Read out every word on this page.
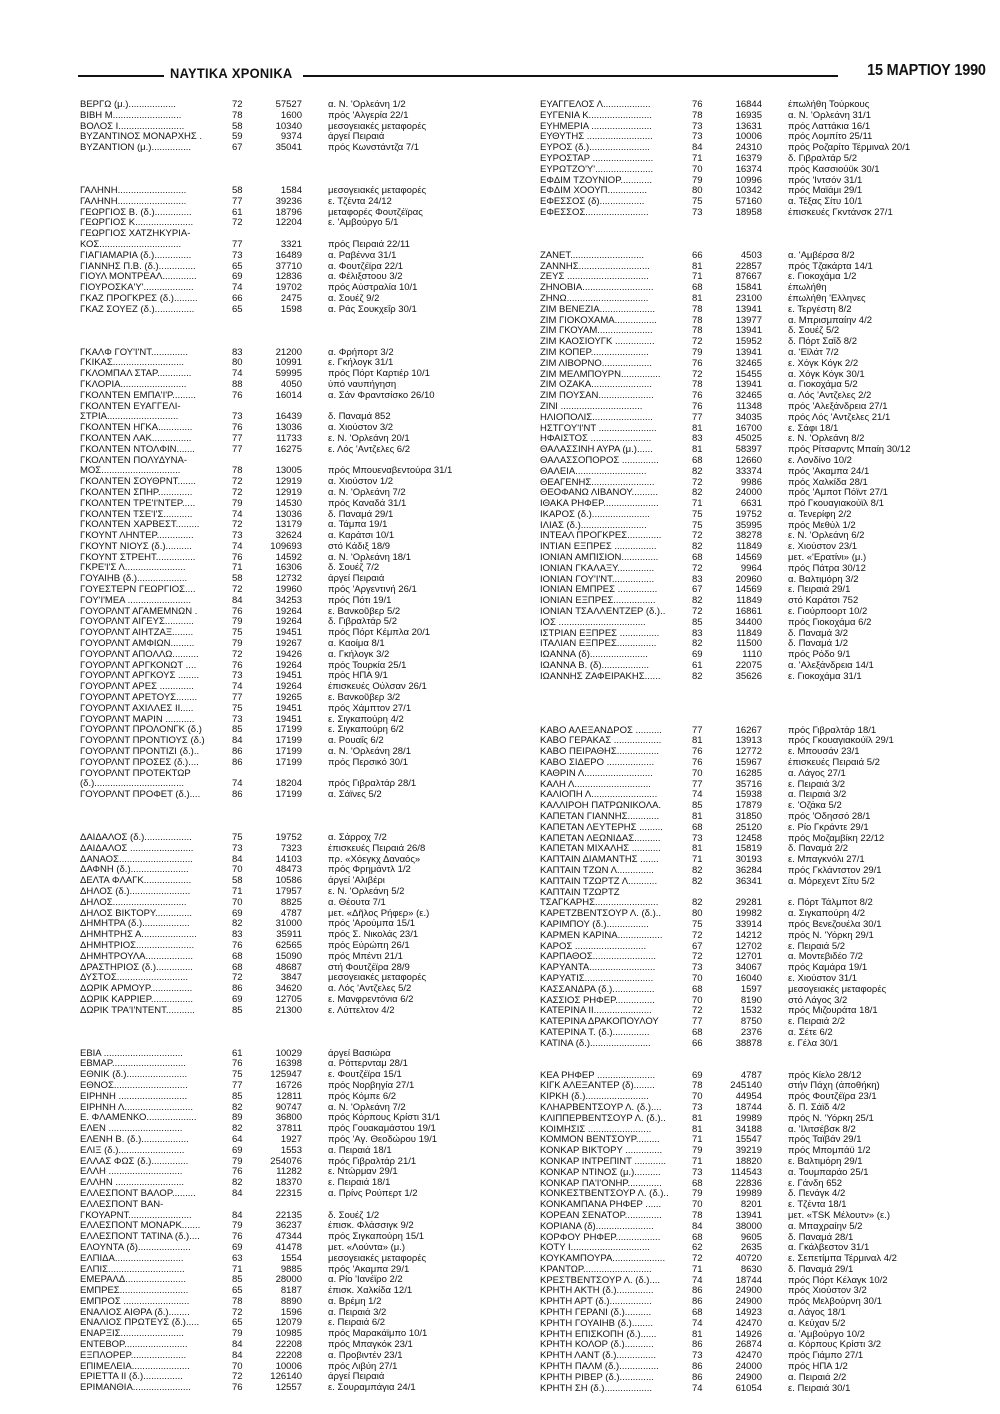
ΝΑΥΤΙΚΑ ΧΡΟΝΙΚΑ	15 ΜΑΡΤΙΟΥ 1990
ΒΕΡΓΩ (μ.)..................	72	57527	α. Ν. 'Ορλεάνη 1/2
ΒΙΒΗ Μ..........................	78	1600	πρός 'Αλγερία 22/1
ΒΟΛΟΣ Ι.........................	58	10340	μεσογειακές μεταφορές
ΒΥΖΑΝΤΙΝΟΣ ΜΟΝΑΡΧΗΣ .	59	9374	άργεί Πειραιά
ΒΥΖΑΝΤΙΟΝ (μ.)...............	67	35041	πρός Κωνστάντζα 7/1
ΓΑΛΗΝΗ..........................	58	1584	μεσογειακές μεταφορές
ΓΑΛΗΝΗ..........................	77	39236	ε. Τζέντα 24/12
ΓΕΩΡΓΙΟΣ Β. (δ.)..............	61	18796	μεταφορές Φουτζέϊρας
ΓΕΩΡΓΙΟΣ Κ......................	72	12204	ε. 'Αμβούργο 5/1
ΓΕΩΡΓΙΟΣ ΧΑΤΖΗΚΥΡΙΑ-
ΚΟΣ...............................	77	3321	πρός Πειραιά 22/11
ΓΙΑΓΙΑΜΑΡΙΑ (δ.)..............	73	16489	α. Ραβέννα 31/1
ΓΙΑΝΝΗΣ Π.Β. (δ.)..............	65	37710	α. Φουτζέϊρα 22/1
ΓΙΟΥΛ ΜΟΝΤΡΕΑΛ.............	69	12836	α. Φέλιξστοου 3/2
ΓΙΟΥΡΟΣΚΑ'Υ'...................	74	19702	πρός Αύστραλία 10/1
ΓΚΑΖ ΠΡΟΓΚΡΕΣ (δ.).........	66	2475	α. Σουέζ 9/2
ΓΚΑΖ ΣΟΥΕΖ (δ.)...............	65	1598	α. Ράς Σουκχεΐρ 30/1
ΓΚΑΛΦ ΓΟΥ'Ι'ΝΤ..............	83	21200	α. Φρήπορτ 3/2
ΓΚΙΚΑΣ...........................	80	10991	ε. Γκήλογκ 31/1
ΓΚΛΟΜΠΑΛ ΣΤΑΡ.............	74	59995	πρός Πόρτ Καρτιέρ 10/1
ΓΚΛΟΡΙΑ.........................	88	4050	ύπό ναυπήγηση
ΓΚΟΛΝΤΕΝ ΕΜΠΑ'Ι'Ρ.........	76	16014	α. Σάν Φραντσίσκο 26/10
ΓΚΟΛΝΤΕΝ ΕΥΑΓΓΕΛΙ-
ΣΤΡΙΑ...........................	73	16439	δ. Παναμά 852
ΓΚΟΛΝΤΕΝ ΗΓΚΑ.............	76	13036	α. Χιούστον 3/2
ΓΚΟΛΝΤΕΝ ΛΑΚ...............	77	11733	ε. Ν. 'Ορλεάνη 20/1
ΓΚΟΛΝΤΕΝ ΝΤΟΛΦΙΝ.......	77	16275	ε. Λός 'Αντζελες 6/2
ΓΚΟΛΝΤΕΝ ΠΟΛΥΔΥΝΑ-
ΜΟΣ..............................	78	13005	πρός Μπουεναβεντούρα 31/1
ΓΚΟΛΝΤΕΝ ΣΟΥΘΡΝΤ.......	72	12919	α. Χιούστον 1/2
ΓΚΟΛΝΤΕΝ ΣΠΗΡ.............	72	12919	α. Ν. 'Ορλεάνη 7/2
ΓΚΟΛΝΤΕΝ ΤΡΕ'Ι'ΝΤΕΡ.....	79	14530	πρός Καναδά 31/1
ΓΚΟΛΝΤΕΝ ΤΣΕ'Ι'Σ...........	74	13036	δ. Παναμά 29/1
ΓΚΟΛΝΤΕΝ ΧΑΡΒΕΣΤ.........	72	13179	α. Τάμπα 19/1
ΓΚΟΥΝΤ ΛΗΝΤΕΡ..............	73	32624	α. Καράτσι 10/1
ΓΚΟΥΝΤ ΝΙΟΥΣ (δ.)..........	74	109693	στό Κάδιξ 18/9
ΓΚΟΥΝΤ ΣΤΡΕΗΤ...............	76	14592	α. Ν. 'Ορλεάνη 18/1
ΓΚΡΕ'Ι'Σ Λ.......................	71	16306	δ. Σουέζ 7/2
ΓΟΥΑΙΗΒ (δ.)...................	58	12732	άργεί Πειραιά
ΓΟΥΕΣΤΕΡΝ ΓΕΩΡΓΙΟΣ....	72	19960	πρός 'Αργεντινή 26/1
ΓΟΥ'Ι'ΜΕΑ ........................	84	34253	πρός Πότι 19/1
ΓΟΥΟΡΛΝΤ ΑΓΑΜΕΜΝΩΝ .	76	19264	ε. Βανκοῦβερ 5/2
ΓΟΥΟΡΛΝΤ ΑΙΓΕΥΣ...........	79	19264	δ. Γιβραλτάρ 5/2
ΓΟΥΟΡΛΝΤ ΑΙΗΤΖΑΞ........	75	19451	πρός Πόρτ Κέμπλα 20/1
ΓΟΥΟΡΛΝΤ ΑΜΦΙΩΝ.........	79	19267	α. Καοίμα 8/1
ΓΟΥΟΡΛΝΤ ΑΠΟΛΛΩ..........	72	19426	α. Γκήλογκ 3/2
ΓΟΥΟΡΛΝΤ ΑΡΓΚΟΝΩΤ ....	76	19264	πρός Τουρκία 25/1
ΓΟΥΟΡΛΝΤ ΑΡΓΚΟΥΣ ........	73	19451	πρός ΗΠΑ 9/1
ΓΟΥΟΡΛΝΤ ΑΡΕΣ .............	74	19264	έπισκευές Ούλσαν 26/1
ΓΟΥΟΡΛΝΤ ΑΡΕΤΟΥΣ........	77	19265	ε. Βανκοῦβερ 3/2
ΓΟΥΟΡΛΝΤ ΑΧΙΛΛΕΣ ΙΙ.....	75	19451	πρός Χάμπτον 27/1
ΓΟΥΟΡΛΝΤ ΜΑΡΙΝ ...........	73	19451	ε. Σιγκαπούρη 4/2
ΓΟΥΟΡΛΝΤ ΠΡΟΛΟΝΓΚ (δ.)	85	17199	ε. Σιγκαπούρη 6/2
ΓΟΥΟΡΛΝΤ ΠΡΟΝΤΙΟΥΣ (δ.)	84	17199	α. Ρουαΐς 6/2
ΓΟΥΟΡΛΝΤ ΠΡΟΝΤΙΖΙ (δ.)..	86	17199	α. Ν. 'Ορλεάνη 28/1
ΓΟΥΟΡΛΝΤ ΠΡΟΣΕΣ (δ.)....	86	17199	πρός Περσικό 30/1
ΓΟΥΟΡΛΝΤ ΠΡΟΤΕΚΤΩΡ
(δ.)..................................	74	18204	πρός Γιβραλτάρ 28/1
ΓΟΥΟΡΛΝΤ ΠΡΟΦΕΤ (δ.)....	86	17199	α. Σάϊνες 5/2
ΔΑΙΔΑΛΟΣ (δ.)..................	75	19752	α. Σάρροχ 7/2
ΔΑΙΔΑΛΟΣ ........................	73	7323	έπισκευές Πειραιά 26/8
ΔΑΝΑΟΣ............................	84	14103	πρ. «Χόεγκχ Δαναός»
ΔΑΦΝΗ (δ.)......................	70	48473	πρός Φρημάντλ 1/2
ΔΕΛΤΑ ΦΛΑΓΚ..................	58	10586	άργεί 'Αλιβέρι
ΔΗΛΟΣ (δ.).......................	71	17957	ε. Ν. 'Ορλεάνη 5/2
ΔΗΛΟΣ............................	70	8825	α. Θέουτα 7/1
ΔΗΛΟΣ ΒΙΚΤΟΡΥ..............	69	4787	μετ. «Δῆλος Ρήφερ» (ε.)
ΔΗΜΗΤΡΑ (δ.)..................	82	31000	πρός 'Αρούμπα 15/1
ΔΗΜΗΤΡΗΣ Α.....................	83	35911	πρός Σ. Νικολάς 23/1
ΔΗΜΗΤΡΙΟΣ......................	76	62565	πρός Εύρώπη 26/1
ΔΗΜΗΤΡΟΥΛΑ..................	68	15090	πρός Μπέντι 21/1
ΔΡΑΣΤΗΡΙΟΣ (δ.)..............	68	48687	στή Φουτζέϊρα 28/9
ΔΥΣΤΟΣ...........................	72	3847	μεσογειακές μεταφορές
ΔΩΡΙΚ ΑΡΜΟΥΡ................	86	34620	α. Λός 'Αντζελες 5/2
ΔΩΡΙΚ ΚΑΡΡΙΕΡ................	69	12705	ε. Μανφρεντόνια 6/2
ΔΩΡΙΚ ΤΡΑ'Ι'ΝΤΕΝΤ...........	85	21300	ε. Λύττελτον 4/2
ΕΒΙΑ ..............................	61	10029	άργεί Βασιώρα
ΕΒΜΑΡ............................	76	16398	α. Ρόττερνταμ 28/1
ΕΘΝΙΚ (δ.).......................	75	125947	ε. Φουτζέϊρα 15/1
ΕΘΝΟΣ............................	77	16726	πρός Νορβηγία 27/1
ΕΙΡΗΝΗ ..........................	85	12811	πρός Κόμπε 6/2
ΕΙΡΗΝΗ Λ..........................	82	90747	α. Ν. 'Ορλεάνη 7/2
Ε. ΦΛΑΜΕΝΚΟ...................	89	36800	πρός Κόρπους Κρίστι 31/1
ΕΛΕΝ ............................	82	37811	πρός Γουακαμάστου 19/1
ΕΛΕΝΗ Β. (δ.)..................	64	1927	πρός 'Αγ. Θεοδώρου 19/1
ΕΛΙΞ (δ.).........................	69	1553	α. Πειραιά 18/1
ΕΛΛΑΣ ΦΩΣ (δ.)..............	79	254076	πρός Γιβραλτάρ 21/1
ΕΛΛΗ ............................	76	11282	ε. Ντώρμαν 29/1
ΕΛΛΗΝ ..........................	82	18370	ε. Πειραιά 18/1
ΕΛΛΕΣΠΟΝΤ ΒΑΛΟΡ.........	84	22315	α. Πρίνς Ρούπερτ 1/2
ΕΛΛΕΣΠΟΝΤ ΒΑΝ-
ΓΚΟΥΑΡΝΤ........................	84	22135	δ. Σουέζ 1/2
ΕΛΛΕΣΠΟΝΤ ΜΟΝΑΡΚ.......	79	36237	έπισκ. Φλάσσιγκ 9/2
ΕΛΛΕΣΠΟΝΤ ΤΑΤΙΝΑ (δ.)....	76	47344	πρός Σιγκαπούρη 15/1
ΕΛΟΥΝΤΑ (δ)....................	69	41478	μετ. «Λούντα» (μ.)
ΕΛΠΙΔΑ..........................	63	1554	μεσογειακές μεταφορές
ΕΛΠΙΣ.............................	71	9885	πρός 'Ακαμπα 29/1
ΕΜΕΡΑΛΔ.......................	85	28000	α. Ρίο 'Ιανέϊρο 2/2
ΕΜΠΡΕΣ..........................	65	8187	έπισκ. Χαλκίδα 12/1
ΕΜΠΡΟΣ .........................	78	8890	α. Βρέμη 1/2
ΕΝΑΛΙΟΣ ΑΙΘΡΑ (δ.)........	72	1596	α. Πειραιά 3/2
ΕΝΑΛΙΟΣ ΠΡΩΤΕΥΣ (δ.).....	65	12079	ε. Πειραιά 6/2
ΕΝΑΡΞΙΣ........................	79	10985	πρός Μαρακάϊμπο 10/1
ΕΝΤΕΒΟΡ........................	84	22208	πρός Μπαγκόκ 23/1
ΕΞΠΛΟΡΕΡ.....................	84	22208	α. Προβιντέν 23/1
ΕΠΙΜΕΛΕΙΑ......................	70	10006	πρός Λιβύη 27/1
ΕΡΙΕΤΤΑ ΙΙ (δ.)...............	72	126140	άργεί Πειραιά
ΕΡΙΜΑΝΘΙΑ......................	76	12557	ε. Σουραμπάγια 24/1
ΕΥΑΓΓΕΛΟΣ Λ..................	76	16844	έπωλήθη Τούρκους
ΕΥΓΕΝΙΑ Κ........................	78	16935	α. Ν. 'Ορλεάνη 31/1
ΕΥΗΜΕΡΙΑ .......................	73	13631	πρός Λαττάκια 16/1
ΕΥΘΥΤΗΣ .........................	73	10006	πρός Λομπίτο 25/11
ΕΥΡΟΣ (δ.).......................	84	24310	πρός Ροζαρίτο Τέρμιναλ 20/1
ΕΥΡΟΣΤΑΡ .......................	71	16379	δ. Γιβραλτάρ 5/2
ΕΥΡΩΤΖΟ'Υ'......................	70	16374	πρός Κασσιούϋκ 30/1
ΕΦΔΙΜ ΤΖΟΥΝΙΟΡ............	79	10996	πρός 'Ιντσόν 31/1
ΕΦΔΙΜ ΧΟΟΥΠ...............	80	10342	πρός Μαϊάμι 29/1
ΕΦΕΣΣΟΣ (δ).................	75	57160	α. Τέξας Σίτυ 10/1
ΕΦΕΣΣΟΣ........................	73	18958	έπισκευές Γκντάνσκ 27/1
ΖΑΝΕΤ............................	66	4503	α. 'Αμβέρσα 8/2
ΖΑΝΝΗΣ...........................	81	22857	πρός Τζακάρτα 14/1
ΖΕΥΣ ...............................	71	87667	ε. Γιοκοχάμα 1/2
ΖΗΝΟΒΙΑ...........................	68	15841	έπωλήθη
ΖΗΝΩ...............................	81	23100	έπωλήθη 'Ελληνες
ΖΙΜ ΒΕΝΕΖΙΑ.....................	78	13941	ε. Τεργέστη 8/2
ΖΙΜ ΓΙΟΚΟΧΑΜΑ................	78	13977	α. Μπρισμπαίην 4/2
ΖΙΜ ΓΚΟΥΑΜ.....................	78	13941	δ. Σουέζ 5/2
ΖΙΜ ΚΑΟΣΙΟΥΓΚ ...............	72	15952	δ. Πόρτ Σαΐδ 8/2
ΖΙΜ ΚΟΠΕΡ......................	79	13941	α. 'Εϊλάτ 7/2
ΖΙΜ ΛΙΒΟΡΝΟ...................	76	32465	ε. Χόγκ Κόγκ 2/2
ΖΙΜ ΜΕΛΜΠΟΥΡΝ...............	72	15455	α. Χόγκ Κόγκ 30/1
ΖΙΜ ΟΖΑΚΑ.......................	78	13941	α. Γιοκοχάμα 5/2
ΖΙΜ ΠΟΥΣΑΝ.....................	76	32465	α. Λός 'Αντζελες 2/2
ΖΙΝΙ ...............................	76	11348	πρός 'Αλεξάνδρεια 27/1
ΗΛΙΟΠΟΛΙΣ.......................	77	34035	πρός Λός 'Αντζελες 21/1
ΗΣΤΓΟΥ'Ι'ΝΤ ......................	81	16700	ε. Σάφι 18/1
ΗΦΑΙΣΤΟΣ .......................	83	45025	ε. Ν. 'Ορλεάνη 8/2
ΘΑΛΑΣΣΙΝΗ ΑΥΡΑ (μ.)......	81	58397	πρός Ρίτσαρντς Μπαίη 30/12
ΘΑΛΑΣΣΟΠΟΡΟΣ ..............	68	12660	ε. Λονδίνο 10/2
ΘΑΛΕΙΑ...........................	82	33374	πρός 'Ακαμπα 24/1
ΘΕΑΓΕΝΗΣ........................	72	9986	πρός Χαλκίδα 28/1
ΘΕΟΦΑΝΩ ΛΙΒΑΝΟΥ..........	82	24000	πρός 'Αμποτ Πόϊντ 27/1
ΙΘΑΚΑ ΡΗΦΕΡ.....................	71	6631	πρό Γκουαγιακούϊλ 8/1
ΙΚΑΡΟΣ (δ.)......................	75	19752	α. Τενερίφη 2/2
ΙΛΙΑΣ (δ.).........................	75	35995	πρός Μεθύλ 1/2
ΙΝΤΕΑΛ ΠΡΟΓΚΡΕΣ.............	72	38278	ε. Ν. 'Ορλεάνη 6/2
ΙΝΤΙΑΝ ΕΞΠΡΕΣ ................	82	11849	ε. Χιούστον 23/1
ΙΟΝΙΑΝ ΑΜΠΙΣΙΟΝ..............	68	14569	μετ. «'Ερατίνι» (μ.)
ΙΟΝΙΑΝ ΓΚΑΛΑΞΥ..............	72	9964	πρός Πάτρα 30/12
ΙΟΝΙΑΝ ΓΟΥ'Ι'ΝΤ................	83	20960	α. Βαλτιμόρη 3/2
ΙΟΝΙΑΝ ΕΜΠΡΕΣ ...............	67	14569	ε. Πειραιά 29/1
ΙΟΝΙΑΝ ΕΞΠΡΕΣ................	82	11849	στό Καράτσι 752
ΙΟΝΙΑΝ ΤΣΑΛΛΕΝΤΖΕΡ (δ.)..	72	16861	ε. Γιούρποορτ 10/2
ΙΟΣ .................................	85	34400	πρός Γιοκοχάμα 6/2
ΙΣΤΡΙΑΝ ΕΞΠΡΕΣ ...............	83	11849	δ. Παναμά 3/2
ΙΤΑΛΙΑΝ ΕΞΠΡΕΣ...............	82	11500	δ. Παναμά 1/2
ΙΩΑΝΝΑ (δ)......................	69	1110	πρός Ρόδο 9/1
ΙΩΑΝΝΑ Β. (δ)..................	61	22075	α. 'Αλεξάνδρεια 14/1
ΙΩΑΝΝΗΣ ΖΑΦΕΙΡΑΚΗΣ......	82	35626	ε. Γιοκοχάμα 31/1
ΚΑΒΟ ΑΛΕΞΑΝΔΡΟΣ ..........	77	16267	πρός Γιβραλτάρ 18/1
ΚΑΒΟ ΓΕΡΑΚΑΣ ..................	81	13913	πρός Γκουαγιακούϊλ 29/1
ΚΑΒΟ ΠΕΙΡΑΘΗΣ................	76	12772	ε. Μπουσάν 23/1
ΚΑΒΟ ΣΙΔΕΡΟ ..................	76	15967	έπισκευές Πειραιά 5/2
ΚΑΘΡΙΝ Λ..........................	70	16285	α. Λάγος 27/1
ΚΑΛΗ Λ.............................	77	35716	ε. Πειραιά 3/2
ΚΑΛΙΟΠΗ Λ.........................	74	15938	α. Πειραιά 3/2
ΚΑΛΛΙΡΟΗ ΠΑΤΡΩΝΙΚΟΛΑ.	85	17879	ε. 'Οζάκα 5/2
ΚΑΠΕΤΑΝ ΓΙΑΝΝΗΣ............	81	31850	πρός 'Οδησσό 28/1
ΚΑΠΕΤΑΝ ΛΕΥΤΕΡΗΣ .........	68	25120	ε. Ρίο Γκράντε 29/1
ΚΑΠΕΤΑΝ ΛΕΩΝΙΔΑΣ..........	73	12458	πρός Μοζαμβίκη 22/12
ΚΑΠΕΤΑΝ ΜΙΧΑΛΗΣ ...........	81	15819	δ. Παναμά 2/2
ΚΑΠΤΑΙΝ ΔΙΑΜΑΝΤΗΣ .......	71	30193	ε. Μπαγκνόλι 27/1
ΚΑΠΤΑΙΝ ΤΖΩΝ Λ..............	82	36284	πρός Γκλάντστον 29/1
ΚΑΠΤΑΙΝ ΤΖΩΡΤΖ Λ...........	82	36341	α. Μόρεχεντ Σίτυ 5/2
ΚΑΠΤΑΙΝ ΤΖΩΡΤΖ
ΤΣΑΓΚΑΡΗΣ........................	82	29281	ε. Πόρτ Τάλμποτ 8/2
ΚΑΡΕΤΖΒΕΝΤΣΟΥΡ Λ. (δ.)..	80	19982	α. Σιγκαπούρη 4/2
ΚΑΡΙΜΠΟΥ (δ.)................	75	33914	πρός Βενεζουέλα 30/1
ΚΑΡΜΕΝ ΚΑΡΙΝΑ.................	72	14212	πρός Ν. 'Υόρκη 29/1
ΚΑΡΟΣ ...........................	67	12702	ε. Πειραιά 5/2
ΚΑΡΠΑΘΟΣ........................	72	12701	α. Μοντεβιδέο 7/2
ΚΑΡΥΑΝΤΑ.........................	73	34067	πρός Καμάρα 19/1
ΚΑΡΥΑΤΙΣ..........................	70	16040	ε. Χιούστον 31/1
ΚΑΣΣΑΝΔΡΑ (δ.)................	68	1597	μεσογειακές μεταφορές
ΚΑΣΣΙΟΣ ΡΗΦΕΡ...............	70	8190	στό Λάγος 3/2
ΚΑΤΕΡΙΝΑ ΙΙ......................	72	1532	πρός Μιζουράτα 18/1
ΚΑΤΕΡΙΝΑ ΔΡΑΚΟΠΟΥΛΟΥ	77	8750	ε. Πειραιά 2/2
ΚΑΤΕΡΙΝΑ Τ. (δ.)..............	68	2376	α. Σέτε 6/2
ΚΑΤΙΝΑ (δ.).......................	66	38878	ε. Γέλα 30/1
ΚΕΑ ΡΗΦΕΡ ......................	69	4787	πρός Κίελο 28/12
ΚΙΓΚ ΑΛΕΞΑΝΤΕΡ (δ)........	78	245140	στήν Πάχη (άποθήκη)
ΚΙΡΚΗ (δ.)........................	70	44954	πρός Φουτζέϊρα 23/1
ΚΛΗΑΡΒΕΝΤΣΟΥΡ Λ. (δ.)....	73	18744	δ. Π. Σάϊδ 4/2
ΚΛΙΠΠΕΡΒΕΝΤΣΟΥΡ Λ. (δ.)..	81	19989	πρός Ν. 'Υόρκη 25/1
ΚΟΙΜΗΣΙΣ ........................	81	34188	α. 'Ιλιτσέβσκ 8/2
ΚΟΜΜΟΝ ΒΕΝΤΣΟΥΡ.........	71	15547	πρός Ταϊβάν 29/1
ΚΟΝΚΑΡ ΒΙΚΤΟΡΥ ..............	79	39219	πρός Μπομπάϋ 1/2
ΚΟΝΚΑΡ ΙΝΤΡΕΠΙΝΤ ............	71	18820	ε. Βαλτιμόρη 29/1
ΚΟΝΚΑΡ ΝΤΙΝΟΣ (μ.)..........	73	114543	α. Τουμπαράο 25/1
ΚΟΝΚΑΡ ΠΑ'Ι'ΟΝΗΡ.............	68	22836	ε. Γάνδη 652
ΚΟΝΚΕΣΤΒΕΝΤΣΟΥΡ Λ. (δ.)..	79	19989	δ. Πενάγκ 4/2
ΚΟΝΚΑΜΠΑΝΑ ΡΗΦΕΡ ......	70	8201	ε. Τζέντα 18/1
ΚΟΡΕΑΝ ΣΕΝΑΤΟΡ..............	78	13941	μετ. «ΤSΚ Μέλουτν» (ε.)
ΚΟΡΙΑΝΑ (δ)......................	84	38000	α. Μπαχραίην 5/2
ΚΟΡΦΟΥ ΡΗΦΕΡ.................	68	9605	δ. Παναμά 28/1
ΚΟΤΥ Ι..............................	62	2635	α. Γκάλβεστον 31/1
ΚΟΥΚΑΜΠΟΥΡΑ....................	72	40720	ε. Σεπετίμπα Τέρμιναλ 4/2
ΚΡΑΝΤΩΡ..........................	71	8630	δ. Παναμά 29/1
ΚΡΕΣΤΒΕΝΤΣΟΥΡ Λ. (δ.)....	74	18744	πρός Πόρτ Κέλαγκ 10/2
ΚΡΗΤΗ ΑΚΤΗ (δ.)..............	86	24900	πρός Χιούστον 3/2
ΚΡΗΤΗ ΑΡΤ (δ.)................	86	24900	πρός Μελβούρνη 30/1
ΚΡΗΤΗ ΓΕΡΑΝΙ (δ.)..........	68	14923	α. Λάγος 18/1
ΚΡΗΤΗ ΓΟΥΑΙΗΒ (δ.)........	74	42470	α. Κεύχαν 5/2
ΚΡΗΤΗ ΕΠΙΣΚΟΠΗ (δ.)......	81	14926	α. 'Αμβούργο 10/2
ΚΡΗΤΗ ΚΟΛΟΡ (δ.)...........	86	26874	α. Κόρπους Κρίστι 3/2
ΚΡΗΤΗ ΛΑΝΤ (δ.)...............	73	42470	πρός Γιάμπο 27/1
ΚΡΗΤΗ ΠΑΛΜ (δ.)...............	86	24000	πρός ΗΠΑ 1/2
ΚΡΗΤΗ ΡΙΒΕΡ (δ.).............	86	24900	α. Πειραιά 2/2
ΚΡΗΤΗ ΣΗ (δ.)..................	74	61054	ε. Πειραιά 30/1
